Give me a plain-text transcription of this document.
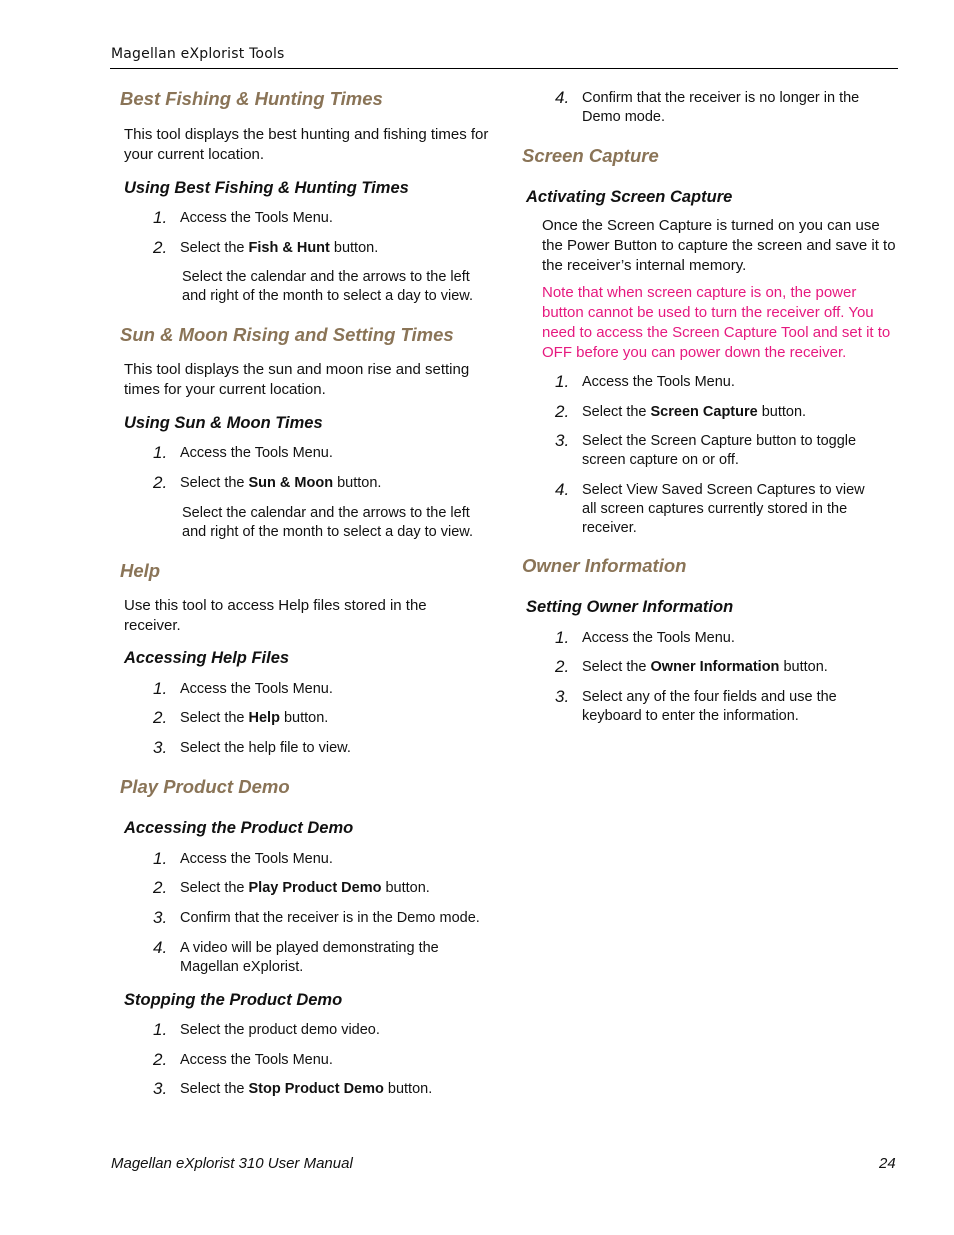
Magellan eXplorist Tools
Best Fishing & Hunting Times
This tool displays the best hunting and fishing times for your current location.
Using Best Fishing & Hunting Times
1. Access the Tools Menu.
2. Select the Fish & Hunt button.
Select the calendar and the arrows to the left and right of the month to select a day to view.
Sun & Moon Rising and Setting Times
This tool displays the sun and moon rise and setting times for your current location.
Using Sun & Moon Times
1. Access the Tools Menu.
2. Select the Sun & Moon button.
Select the calendar and the arrows to the left and right of the month to select a day to view.
Help
Use this tool to access Help files stored in the receiver.
Accessing Help Files
1. Access the Tools Menu.
2. Select the Help button.
3. Select the help file to view.
Play Product Demo
Accessing the Product Demo
1. Access the Tools Menu.
2. Select the Play Product Demo button.
3. Confirm that the receiver is in the Demo mode.
4. A video will be played demonstrating the Magellan eXplorist.
Stopping the Product Demo
1. Select the product demo video.
2. Access the Tools Menu.
3. Select the Stop Product Demo button.
4. Confirm that the receiver is no longer in the Demo mode.
Screen Capture
Activating Screen Capture
Once the Screen Capture is turned on you can use the Power Button to capture the screen and save it to the receiver’s internal memory.
Note that when screen capture is on, the power button cannot be used to turn the receiver off. You need to access the Screen Capture Tool and set it to OFF before you can power down the receiver.
1. Access the Tools Menu.
2. Select the Screen Capture button.
3. Select the Screen Capture button to toggle screen capture on or off.
4. Select View Saved Screen Captures to view all screen captures currently stored in the receiver.
Owner Information
Setting Owner Information
1. Access the Tools Menu.
2. Select the Owner Information button.
3. Select any of the four fields and use the keyboard to enter the information.
Magellan eXplorist 310 User Manual	24
